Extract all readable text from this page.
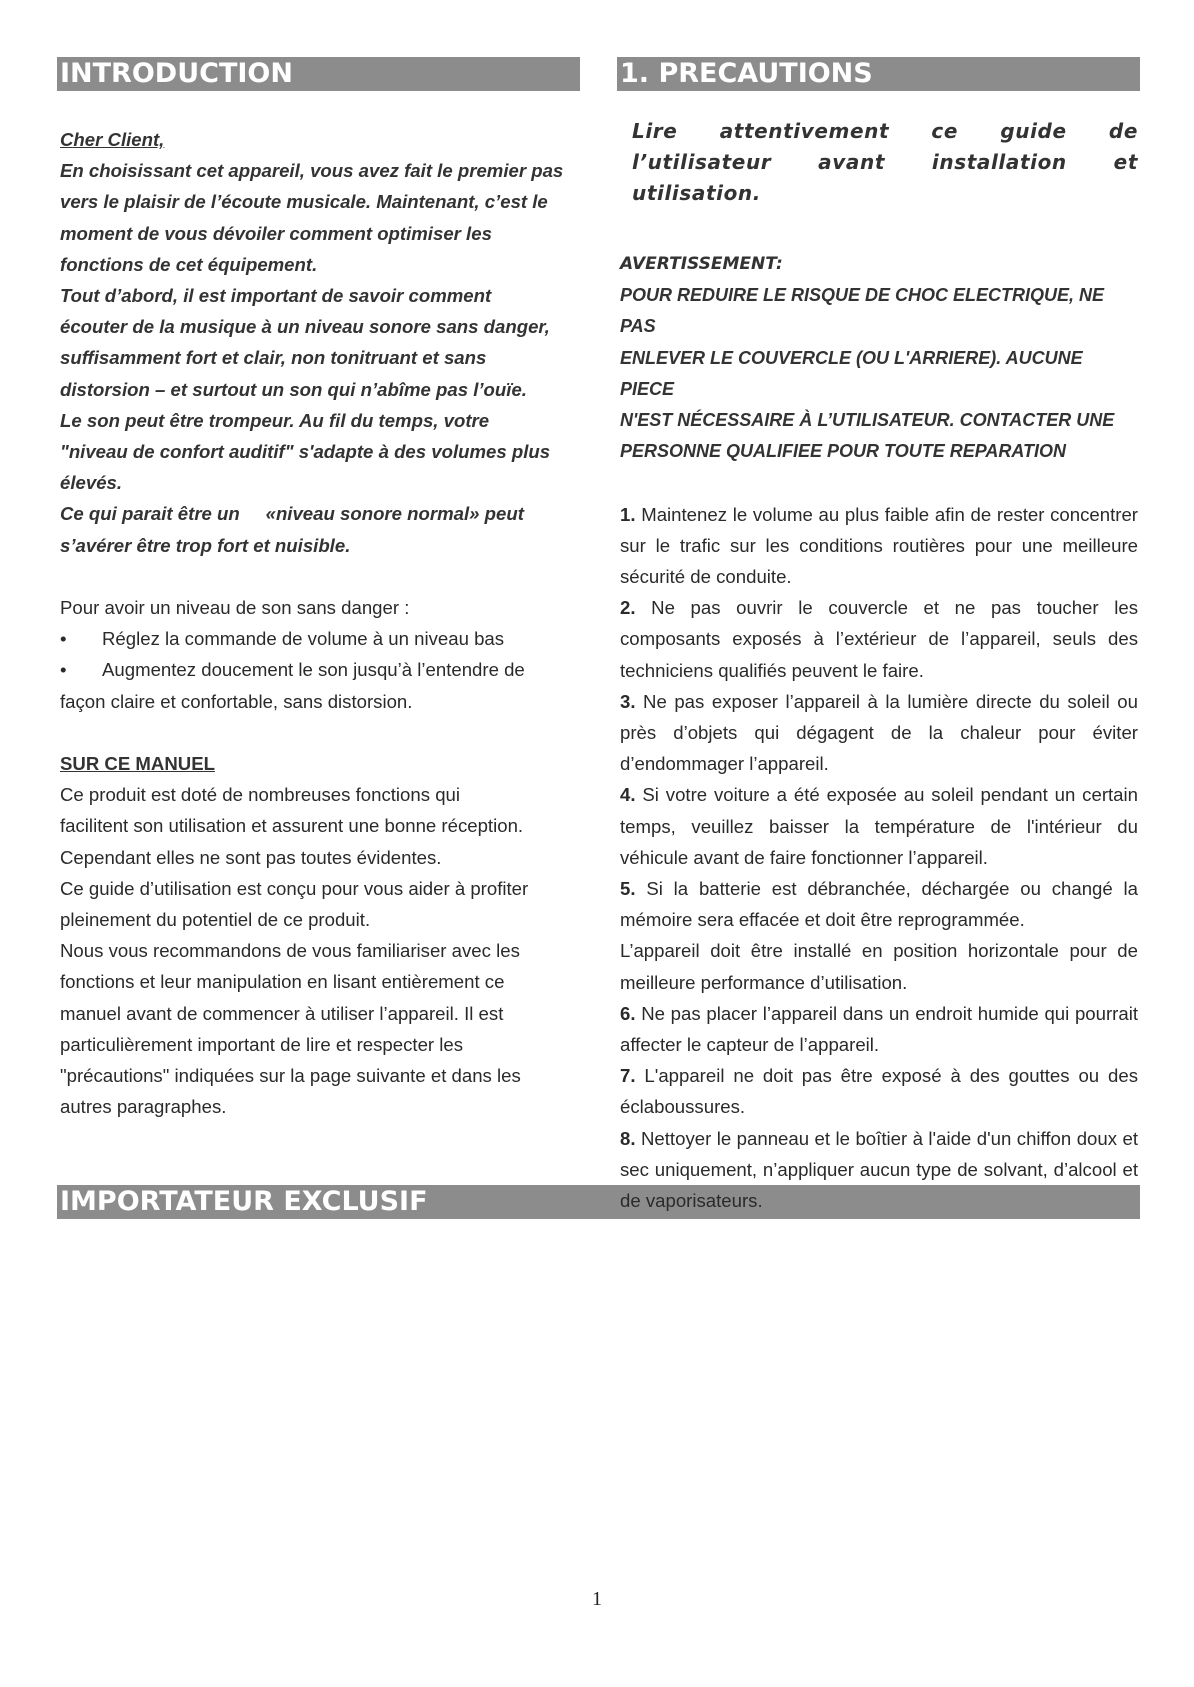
INTRODUCTION	1. PRECAUTIONS
IMPORTATEUR EXCLUSIF

Cher Client,

En choisissant cet appareil, vous avez fait le premier pas

vers le plaisir de l’écoute musicale. Maintenant, c’est le

moment de vous dévoiler comment optimiser les

fonctions de cet équipement.

Tout d’abord, il est important de savoir comment

écouter de la musique à un niveau sonore sans danger,

suffisamment fort et clair, non tonitruant et sans

distorsion – et surtout un son qui n’abîme pas l’ouïe.

Le son peut être trompeur. Au fil du temps, votre

"niveau de confort auditif" s'adapte à des volumes plus

élevés.

Ce qui parait être un     «niveau sonore normal» peut

s’avérer être trop fort et nuisible.

Pour avoir un niveau de son sans danger :

•	Réglez la commande de volume à un niveau bas
•	Augmentez doucement le son jusqu’à l’entendre de

façon claire et confortable, sans distorsion.

SUR CE MANUEL

Ce produit est doté de nombreuses fonctions qui

facilitent son utilisation et assurent une bonne réception.

Cependant elles ne sont pas toutes évidentes.

Ce guide d’utilisation est conçu pour vous aider à profiter

pleinement du potentiel de ce produit.

Nous vous recommandons de vous familiariser avec les

fonctions et leur manipulation en lisant entièrement ce

manuel avant de commencer à utiliser l’appareil. Il est

particulièrement important de lire et respecter les

"précautions" indiquées sur la page suivante et dans les

autres paragraphes.

Lire attentivement ce guide de l’utilisateur avant installation et utilisation.

AVERTISSEMENT:

POUR REDUIRE LE RISQUE DE CHOC ELECTRIQUE, NE PAS

ENLEVER LE COUVERCLE (OU L'ARRIERE). AUCUNE PIECE

N'EST NÉCESSAIRE À L’UTILISATEUR. CONTACTER UNE

PERSONNE QUALIFIEE POUR TOUTE REPARATION

1. Maintenez le volume au plus faible afin de rester concentrer sur le trafic sur les conditions routières pour une meilleure sécurité de conduite.

2. Ne pas ouvrir le couvercle et ne pas toucher les composants exposés à l’extérieur de l’appareil, seuls des techniciens qualifiés peuvent le faire.

3. Ne pas exposer l’appareil à la lumière directe du soleil ou près d’objets qui dégagent de la chaleur pour éviter d’endommager l’appareil.

4. Si votre voiture a été exposée au soleil pendant un certain temps, veuillez baisser la température de l'intérieur du véhicule avant de faire fonctionner l’appareil.

5. Si la batterie est débranchée, déchargée ou changé la mémoire sera effacée et doit être reprogrammée.

L’appareil doit être installé en position horizontale pour de meilleure performance d’utilisation.

6. Ne pas placer l’appareil dans un endroit humide qui pourrait affecter le capteur de l’appareil.

7. L'appareil ne doit pas être exposé à des gouttes ou des éclaboussures.

8. Nettoyer le panneau et le boîtier à l'aide d'un chiffon doux et sec uniquement, n’appliquer aucun type de solvant, d’alcool et de vaporisateurs.

1
